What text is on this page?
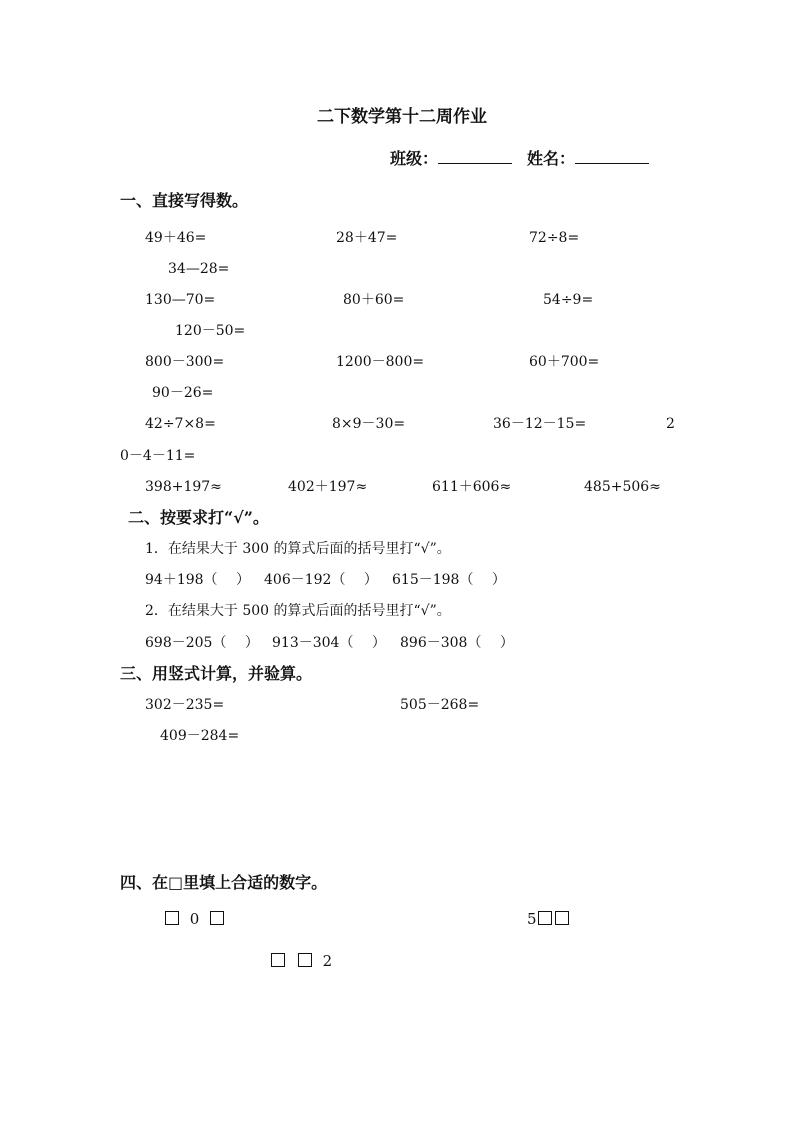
二下数学第十二周作业
班级：	姓名：
一、直接写得数。
49＋46=	28＋47=	72÷8=
34—28=
130—70=	80＋60=	54÷9=
120－50=
800－300=	1200－800=	60＋700=
90－26=
42÷7×8=	8×9－30=	36－12－15=	2
0－4－11=
398+197≈	402＋197≈	611＋606≈	485+506≈
二、按要求打“√”。
1．在结果大于 300 的算式后面的括号里打“√”。
94＋198（　 ） 406－192（　 ） 615－198（　 ）
2．在结果大于 500 的算式后面的括号里打“√”。
698－205（　 ） 913－304（　 ） 896－308（　 ）
三、用竖式计算，并验算。
302－235=	505－268=
409－284=
四、在□里填上合适的数字。
0	5
2
